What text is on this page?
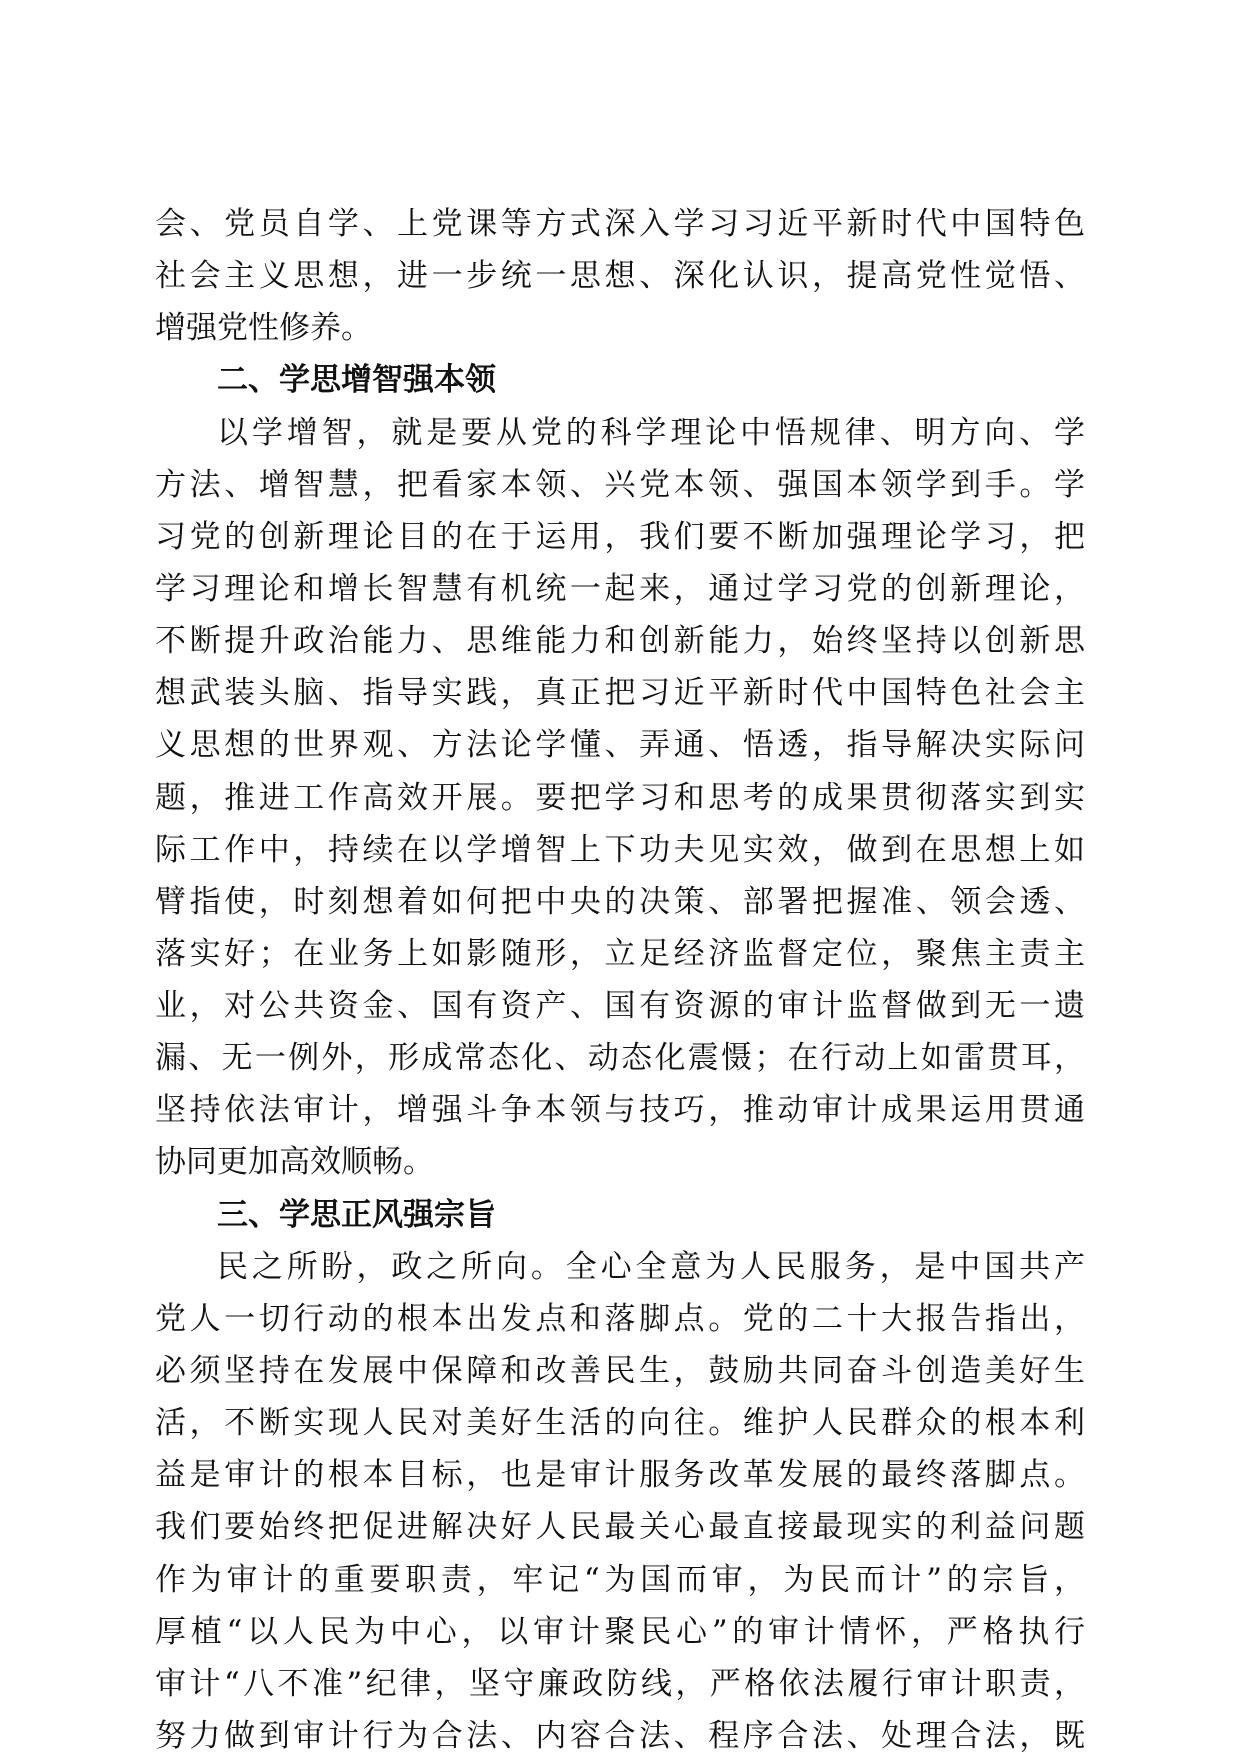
会、党员自学、上党课等方式深入学习习近平新时代中国特色
社会主义思想，进一步统一思想、深化认识，提高党性觉悟、
增强党性修养。
二、学思增智强本领
以学增智，就是要从党的科学理论中悟规律、明方向、学
方法、增智慧，把看家本领、兴党本领、强国本领学到手。学
习党的创新理论目的在于运用，我们要不断加强理论学习，把
学习理论和增长智慧有机统一起来，通过学习党的创新理论，
不断提升政治能力、思维能力和创新能力，始终坚持以创新思
想武装头脑、指导实践，真正把习近平新时代中国特色社会主
义思想的世界观、方法论学懂、弄通、悟透，指导解决实际问
题，推进工作高效开展。要把学习和思考的成果贯彻落实到实
际工作中，持续在以学增智上下功夫见实效，做到在思想上如
臂指使，时刻想着如何把中央的决策、部署把握准、领会透、
落实好；在业务上如影随形，立足经济监督定位，聚焦主责主
业，对公共资金、国有资产、国有资源的审计监督做到无一遗
漏、无一例外，形成常态化、动态化震慑；在行动上如雷贯耳，
坚持依法审计，增强斗争本领与技巧，推动审计成果运用贯通
协同更加高效顺畅。
三、学思正风强宗旨
民之所盼，政之所向。全心全意为人民服务，是中国共产
党人一切行动的根本出发点和落脚点。党的二十大报告指出，
必须坚持在发展中保障和改善民生，鼓励共同奋斗创造美好生
活，不断实现人民对美好生活的向往。维护人民群众的根本利
益是审计的根本目标，也是审计服务改革发展的最终落脚点。
我们要始终把促进解决好人民最关心最直接最现实的利益问题
作为审计的重要职责，牢记“为国而审，为民而计”的宗旨，
厚植“以人民为中心，以审计聚民心”的审计情怀，严格执行
审计“八不准”纪律，坚守廉政防线，严格依法履行审计职责，
努力做到审计行为合法、内容合法、程序合法、处理合法，既
